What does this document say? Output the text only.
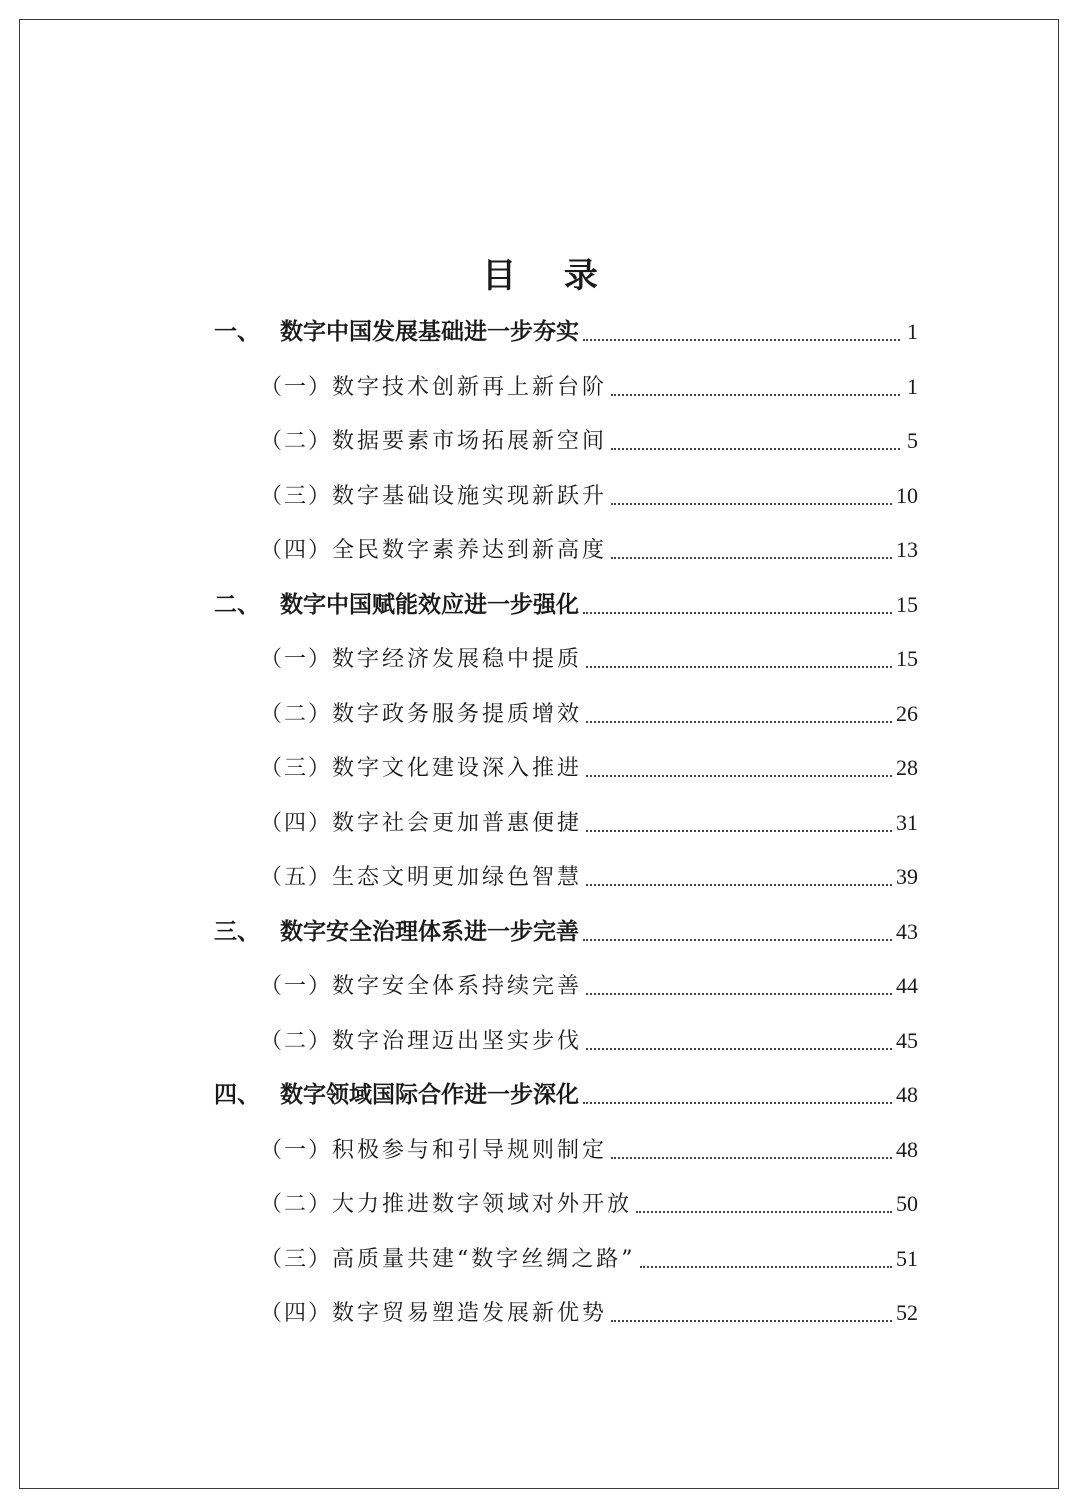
目 录
一、 数字中国发展基础进一步夯实	1
（一） 数字技术创新再上新台阶	1
（二） 数据要素市场拓展新空间	5
（三） 数字基础设施实现新跃升	10
（四） 全民数字素养达到新高度	13
二、 数字中国赋能效应进一步强化	15
（一） 数字经济发展稳中提质	15
（二） 数字政务服务提质增效	26
（三） 数字文化建设深入推进	28
（四） 数字社会更加普惠便捷	31
（五） 生态文明更加绿色智慧	39
三、 数字安全治理体系进一步完善	43
（一） 数字安全体系持续完善	44
（二） 数字治理迈出坚实步伐	45
四、 数字领域国际合作进一步深化	48
（一） 积极参与和引导规则制定	48
（二） 大力推进数字领域对外开放	50
（三） 高质量共建“数字丝绸之路”	51
（四） 数字贸易塑造发展新优势	52
